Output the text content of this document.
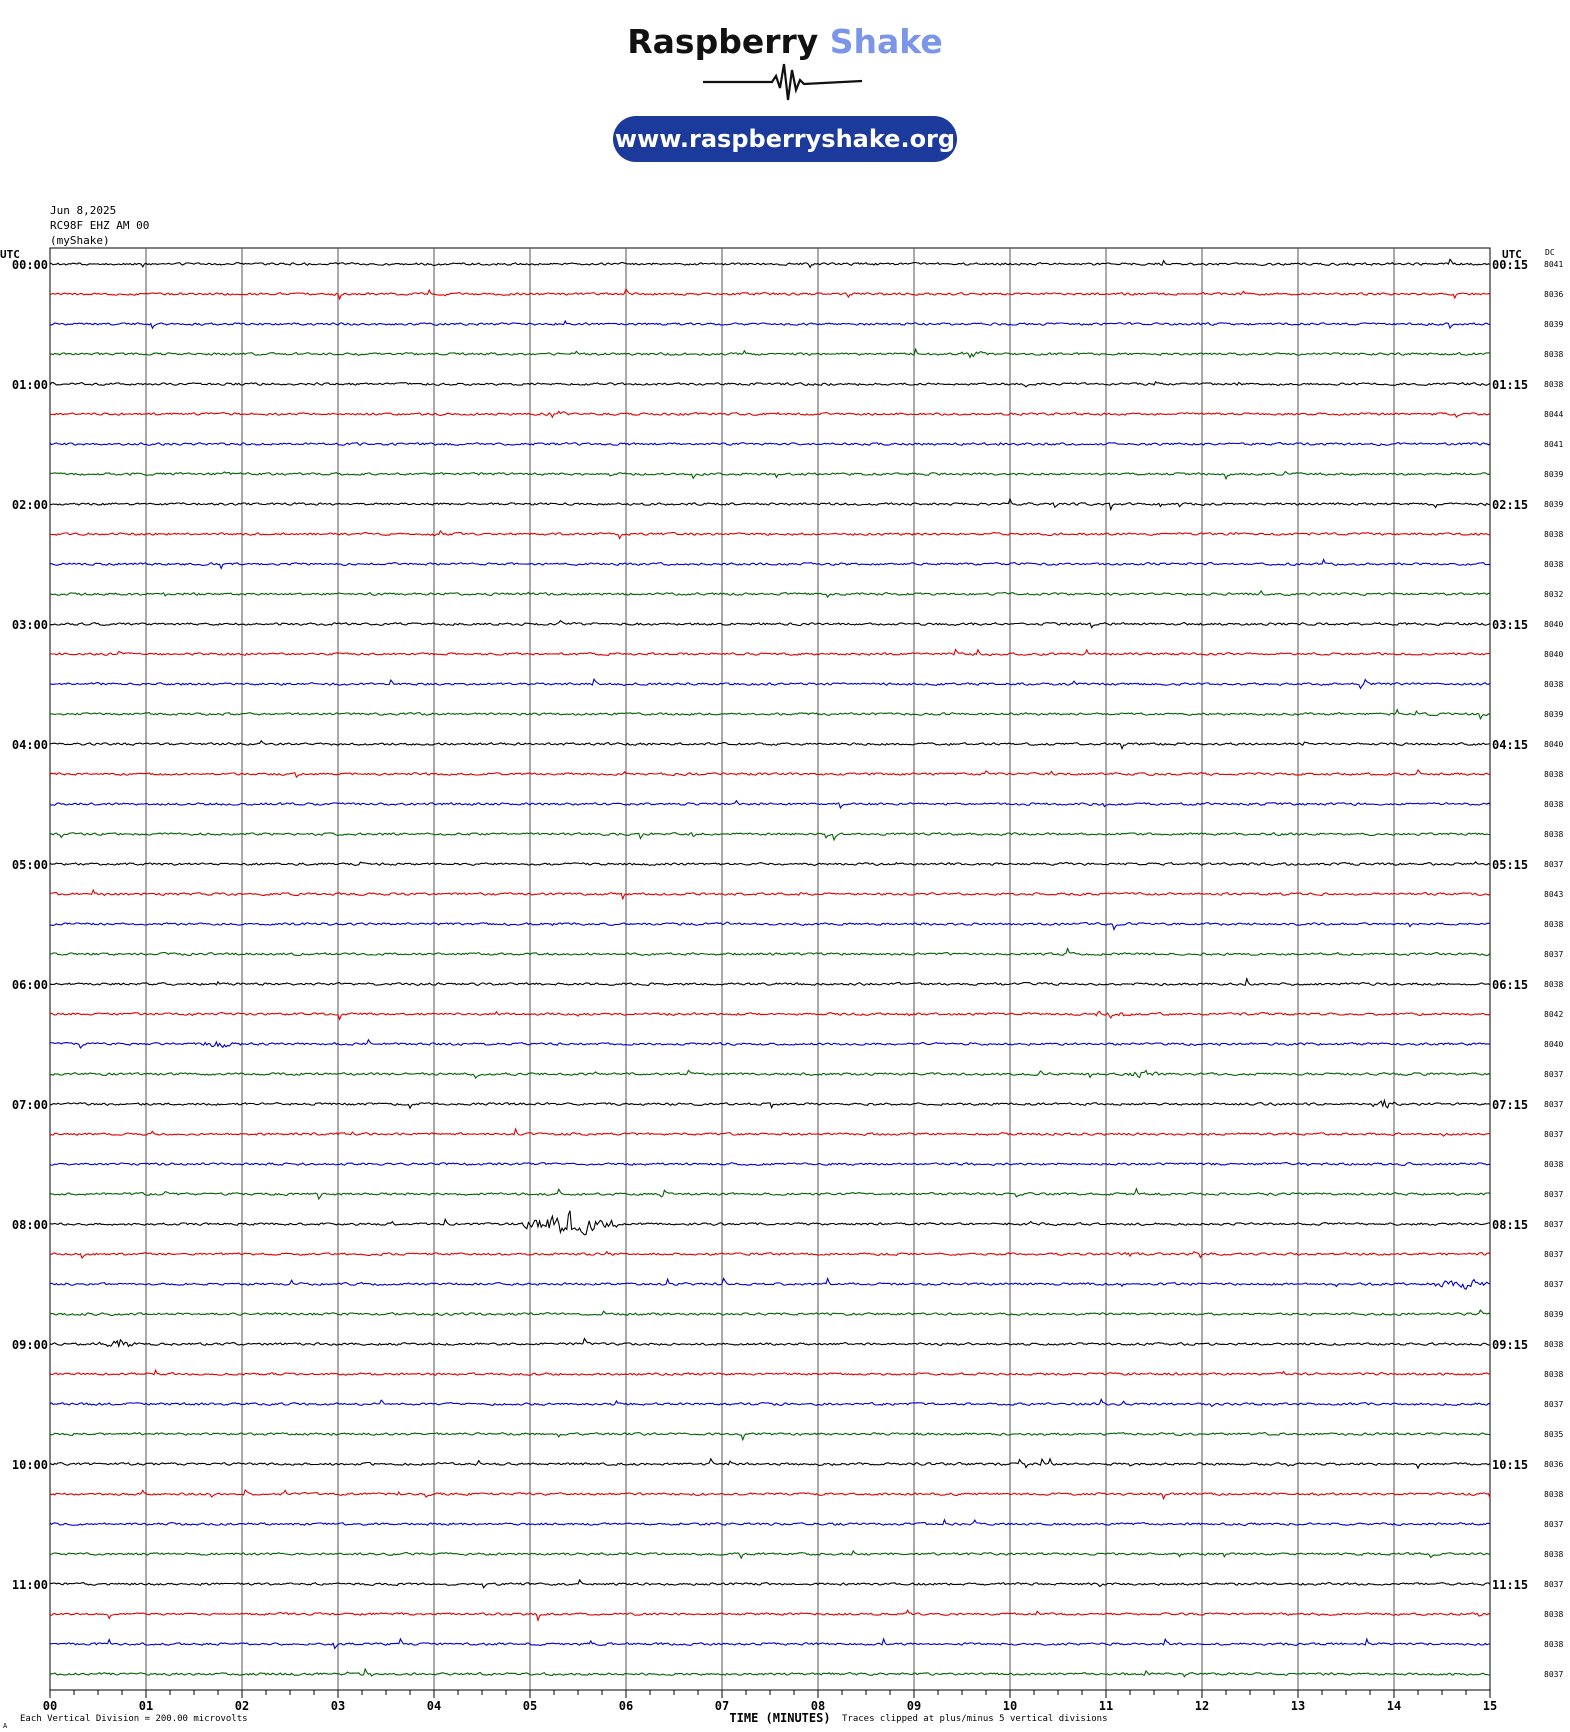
Raspberry Shake
www.raspberryshake.org
Jun 8,2025
RC98F EHZ AM 00
(myShake)
00	01	02	03	04	05	06	07	08	09	10	11	12	13	14	15
UTC	UTC	DC
TIME (MINUTES)
8041
8036
8039
8038
8038
8044
8041
8039
8039
8038
8038
8032
8040
8040
8038
8039
8040
8038
8038
8038
8037
8043
8038
8037
8038
8042
8040
8037
8037
8037
8038
8037
8037
8037
8037
8039
8038
8038
8037
8035
8036
8038
8037
8038
8037
8038
8038
8037
00:00
01:00
02:00
03:00
04:00
05:00
06:00
07:00
08:00
09:00
10:00
11:00
00:15
01:15
02:15
03:15
04:15
05:15
06:15
07:15
08:15
09:15
10:15
11:15
A
Each Vertical Division = 200.00 microvolts	Traces clipped at plus/minus 5 vertical divisions
